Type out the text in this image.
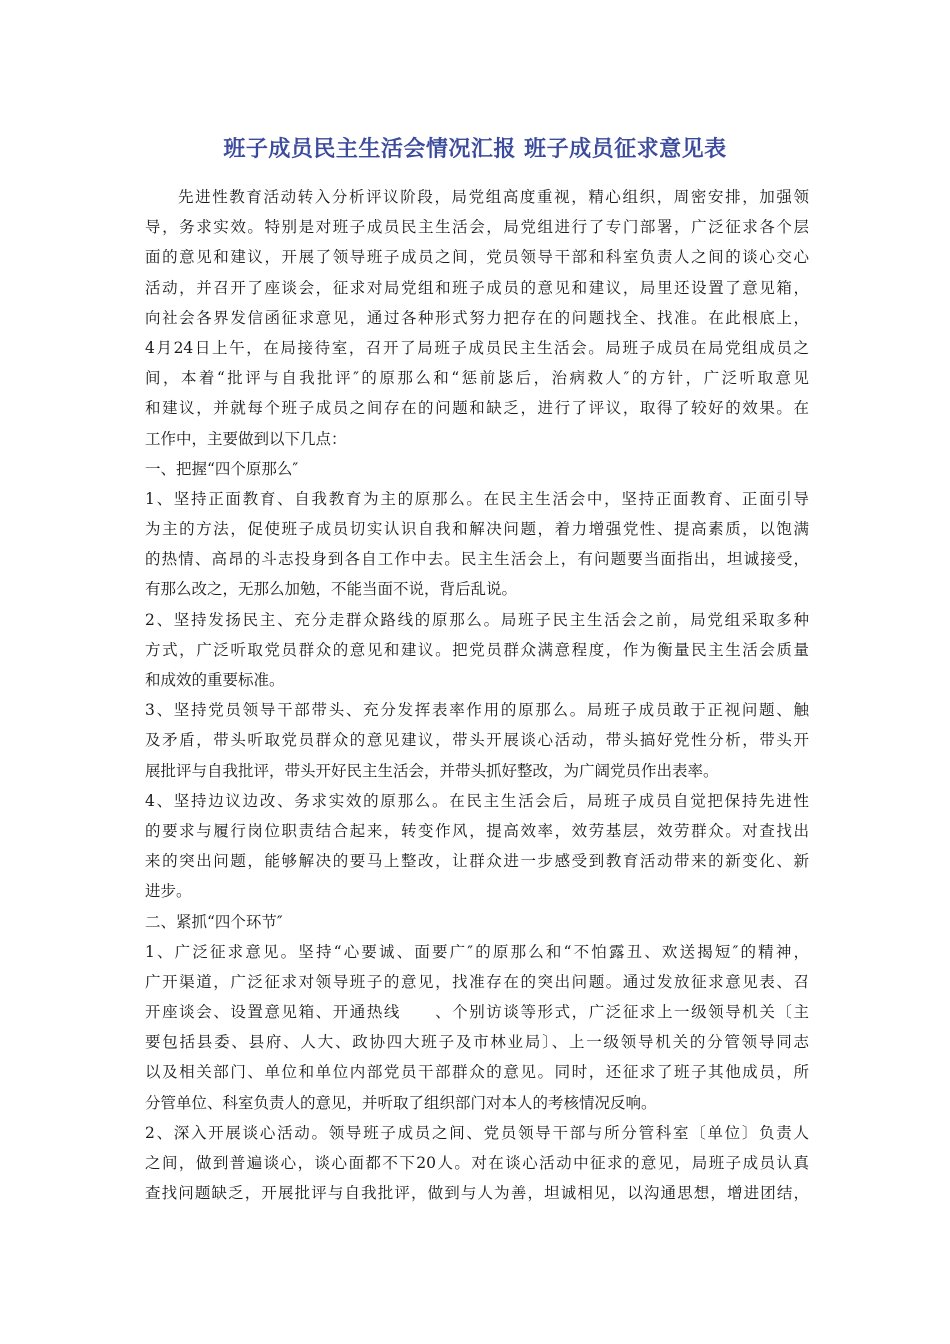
班子成员民主生活会情况汇报 班子成员征求意见表
先进性教育活动转入分析评议阶段，局党组高度重视，精心组织，周密安排，加强领
导，务求实效。特别是对班子成员民主生活会，局党组进行了专门部署，广泛征求各个层
面的意见和建议，开展了领导班子成员之间，党员领导干部和科室负责人之间的谈心交心
活动，并召开了座谈会，征求对局党组和班子成员的意见和建议，局里还设置了意见箱，
向社会各界发信函征求意见，通过各种形式努力把存在的问题找全、找准。在此根底上，
4月24日上午，在局接待室，召开了局班子成员民主生活会。局班子成员在局党组成员之
间，本着“批评与自我批评″的原那么和“惩前毖后，治病救人″的方针，广泛听取意见
和建议，并就每个班子成员之间存在的问题和缺乏，进行了评议，取得了较好的效果。在
工作中，主要做到以下几点：
一、把握“四个原那么″
1、坚持正面教育、自我教育为主的原那么。在民主生活会中，坚持正面教育、正面引导
为主的方法，促使班子成员切实认识自我和解决问题，着力增强党性、提高素质，以饱满
的热情、高昂的斗志投身到各自工作中去。民主生活会上，有问题要当面指出，坦诚接受，
有那么改之，无那么加勉，不能当面不说，背后乱说。
2、坚持发扬民主、充分走群众路线的原那么。局班子民主生活会之前，局党组采取多种
方式，广泛听取党员群众的意见和建议。把党员群众满意程度，作为衡量民主生活会质量
和成效的重要标准。
3、坚持党员领导干部带头、充分发挥表率作用的原那么。局班子成员敢于正视问题、触
及矛盾，带头听取党员群众的意见建议，带头开展谈心活动，带头搞好党性分析，带头开
展批评与自我批评，带头开好民主生活会，并带头抓好整改，为广阔党员作出表率。
4、坚持边议边改、务求实效的原那么。在民主生活会后，局班子成员自觉把保持先进性
的要求与履行岗位职责结合起来，转变作风，提高效率，效劳基层，效劳群众。对查找出
来的突出问题，能够解决的要马上整改，让群众进一步感受到教育活动带来的新变化、新
进步。
二、紧抓“四个环节″
1、广泛征求意见。坚持“心要诚、面要广″的原那么和“不怕露丑、欢送揭短″的精神，
广开渠道，广泛征求对领导班子的意见，找准存在的突出问题。通过发放征求意见表、召
开座谈会、设置意见箱、开通热线　　、个别访谈等形式，广泛征求上一级领导机关〔主
要包括县委、县府、人大、政协四大班子及市林业局〕、上一级领导机关的分管领导同志
以及相关部门、单位和单位内部党员干部群众的意见。同时，还征求了班子其他成员，所
分管单位、科室负责人的意见，并听取了组织部门对本人的考核情况反响。
2、深入开展谈心活动。领导班子成员之间、党员领导干部与所分管科室〔单位〕负责人
之间，做到普遍谈心，谈心面都不下20人。对在谈心活动中征求的意见，局班子成员认真
查找问题缺乏，开展批评与自我批评，做到与人为善，坦诚相见，以沟通思想，增进团结，
